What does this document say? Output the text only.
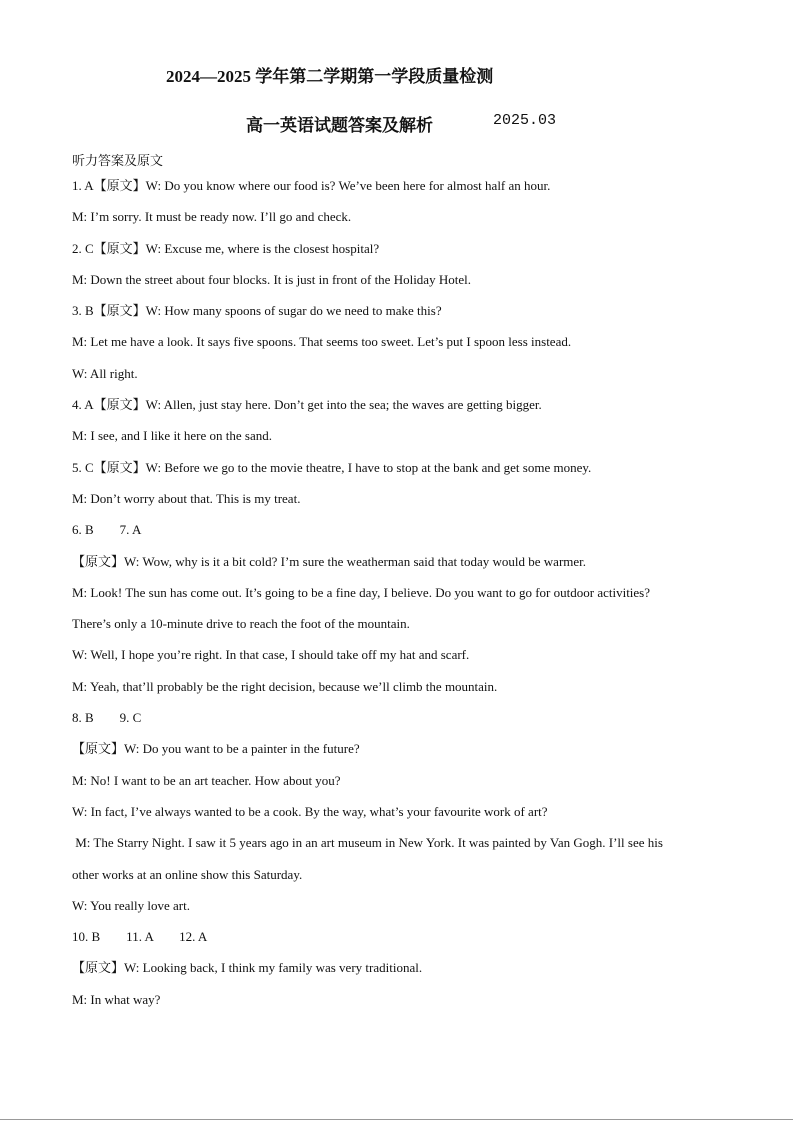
2024—2025 学年第二学期第一学段质量检测
高一英语试题答案及解析	2025.03
听力答案及原文
1. A【原文】W: Do you know where our food is? We’ve been here for almost half an hour.
M: I’m sorry. It must be ready now. I’ll go and check.
2. C【原文】W: Excuse me, where is the closest hospital?
M: Down the street about four blocks. It is just in front of the Holiday Hotel.
3. B【原文】W: How many spoons of sugar do we need to make this?
M: Let me have a look. It says five spoons. That seems too sweet. Let’s put I spoon less instead.
W: All right.
4. A【原文】W: Allen, just stay here. Don’t get into the sea; the waves are getting bigger.
M: I see, and I like it here on the sand.
5. C【原文】W: Before we go to the movie theatre, I have to stop at the bank and get some money.
M: Don’t worry about that. This is my treat.
6. B        7. A
【原文】W: Wow, why is it a bit cold? I’m sure the weatherman said that today would be warmer.
M: Look! The sun has come out. It’s going to be a fine day, I believe. Do you want to go for outdoor activities?
There’s only a 10-minute drive to reach the foot of the mountain.
W: Well, I hope you’re right. In that case, I should take off my hat and scarf.
M: Yeah, that’ll probably be the right decision, because we’ll climb the mountain.
8. B        9. C
【原文】W: Do you want to be a painter in the future?
M: No! I want to be an art teacher. How about you?
W: In fact, I’ve always wanted to be a cook. By the way, what’s your favourite work of art?
M: The Starry Night. I saw it 5 years ago in an art museum in New York. It was painted by Van Gogh. I’ll see his
other works at an online show this Saturday.
W: You really love art.
10. B        11. A        12. A
【原文】W: Looking back, I think my family was very traditional.
M: In what way?
